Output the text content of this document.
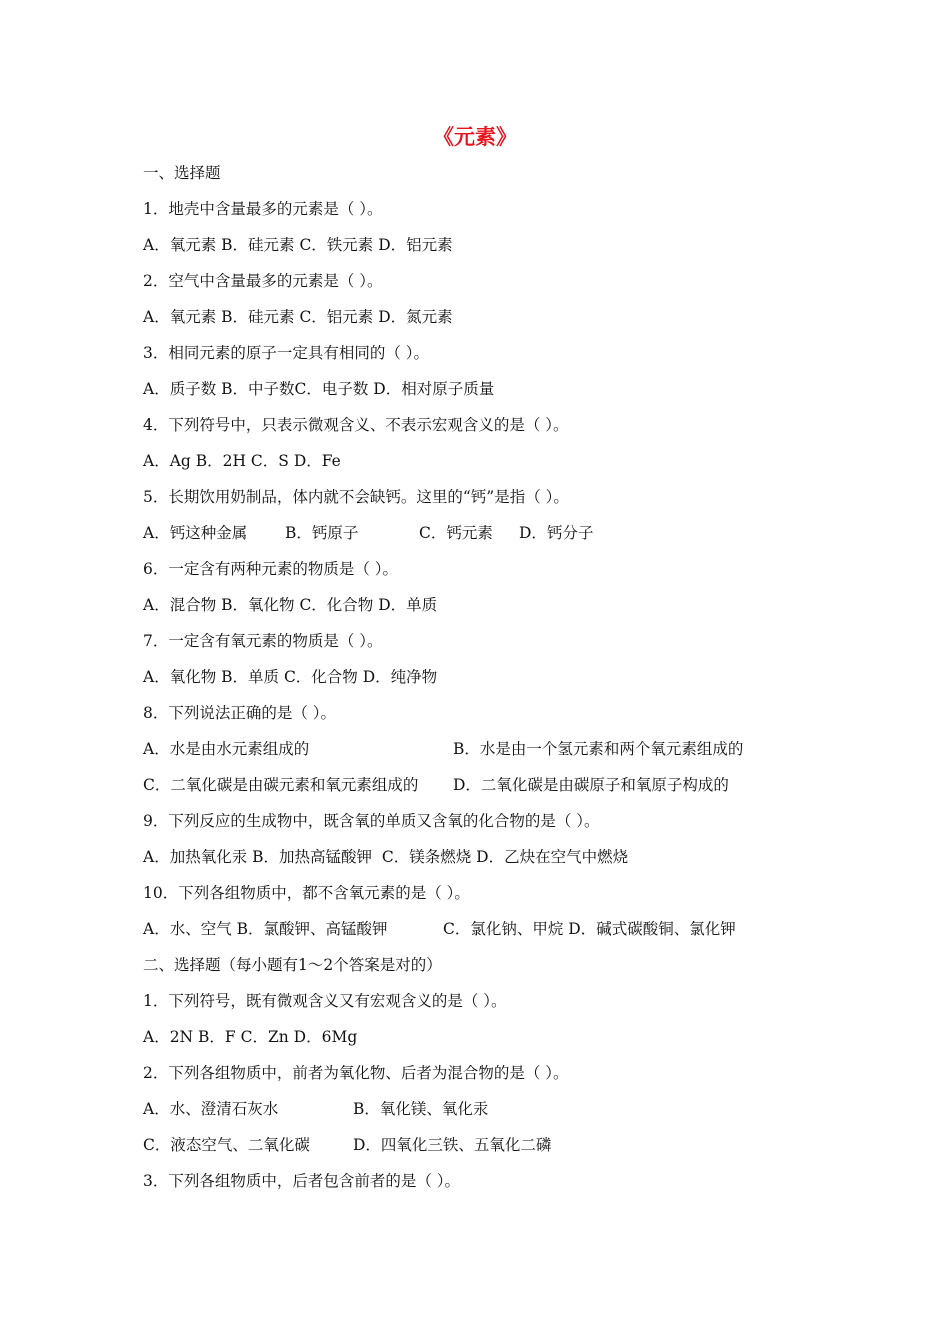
《元素》
一、选择题
1．地壳中含量最多的元素是（ ）。
A．氧元素 B．硅元素 C．铁元素 D．铝元素
2．空气中含量最多的元素是（ ）。
A．氧元素 B．硅元素 C．铝元素 D．氮元素
3．相同元素的原子一定具有相同的（ ）。
A．质子数 B．中子数C．电子数 D．相对原子质量
4．下列符号中，只表示微观含义、不表示宏观含义的是（ ）。
A．Ag B．2H C．S D．Fe
5．长期饮用奶制品，体内就不会缺钙。这里的“钙”是指（ ）。
A．钙这种金属	B．钙原子	C．钙元素	D．钙分子
6．一定含有两种元素的物质是（ ）。
A．混合物 B．氧化物 C．化合物 D．单质
7．一定含有氧元素的物质是（ ）。
A．氧化物 B．单质 C．化合物 D．纯净物
8．下列说法正确的是（ ）。
A．水是由水元素组成的	B．水是由一个氢元素和两个氧元素组成的
C．二氧化碳是由碳元素和氧元素组成的	D．二氧化碳是由碳原子和氧原子构成的
9．下列反应的生成物中，既含氧的单质又含氧的化合物的是（ ）。
A．加热氧化汞 B．加热高锰酸钾  C．镁条燃烧 D．乙炔在空气中燃烧
10．下列各组物质中，都不含氧元素的是（ ）。
A．水、空气 B．氯酸钾、高锰酸钾	C．氯化钠、甲烷 D．碱式碳酸铜、氯化钾
二、选择题（每小题有1～2个答案是对的）
1．下列符号，既有微观含义又有宏观含义的是（ ）。
A．2N B．F C．Zn D．6Mg
2．下列各组物质中，前者为氧化物、后者为混合物的是（ ）。
A．水、澄清石灰水	B．氧化镁、氧化汞
C．液态空气、二氧化碳	D．四氧化三铁、五氧化二磷
3．下列各组物质中，后者包含前者的是（ ）。
